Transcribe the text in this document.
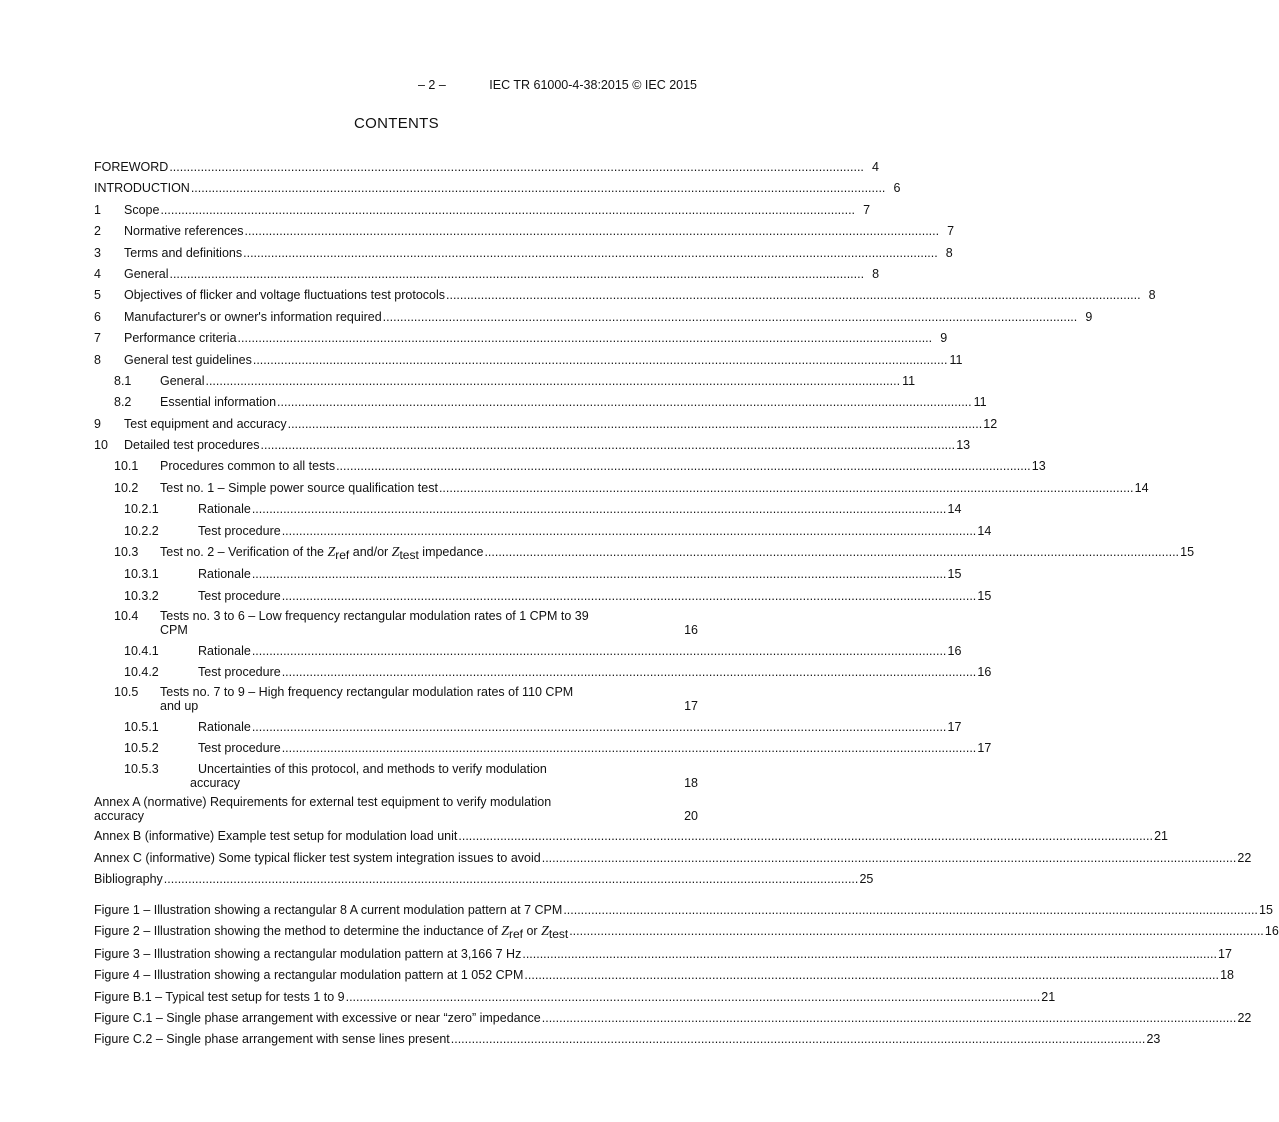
– 2 –	IEC TR 61000-4-38:2015 © IEC 2015
CONTENTS
FOREWORD .....	4
INTRODUCTION .....	6
1	Scope .....	7
2	Normative references .....	7
3	Terms and definitions .....	8
4	General .....	8
5	Objectives of flicker and voltage fluctuations test protocols .....	8
6	Manufacturer's or owner's information required .....	9
7	Performance criteria .....	9
8	General test guidelines .....	11
8.1	General .....	11
8.2	Essential information .....	11
9	Test equipment and accuracy .....	12
10	Detailed test procedures .....	13
10.1	Procedures common to all tests .....	13
10.2	Test no. 1 – Simple power source qualification test .....	14
10.2.1	Rationale .....	14
10.2.2	Test procedure .....	14
10.3	Test no. 2 – Verification of the $Z_{ref}$ and/or $Z_{test}$ impedance .....	15
10.3.1	Rationale .....	15
10.3.2	Test procedure .....	15
10.4	Tests no. 3 to 6 – Low frequency rectangular modulation rates of 1 CPM to 39
CPM	16
10.4.1	Rationale .....	16
10.4.2	Test procedure .....	16
10.5	Tests no. 7 to 9 – High frequency rectangular modulation rates of 110 CPM
and up	17
10.5.1	Rationale .....	17
10.5.2	Test procedure .....	17
10.5.3	Uncertainties of this protocol, and methods to verify modulation
accuracy	18
Annex A (normative) Requirements for external test equipment to verify modulation
accuracy	20
Annex B (informative) Example test setup for modulation load unit .....	21
Annex C (informative) Some typical flicker test system integration issues to avoid .....	22
Bibliography .....	25
Figure 1 – Illustration showing a rectangular 8 A current modulation pattern at 7 CPM .....	15
Figure 2 – Illustration showing the method to determine the inductance of $Z_{ref}$ or $Z_{test}$ .....	16
Figure 3 – Illustration showing a rectangular modulation pattern at 3,166 7 Hz .....	17
Figure 4 – Illustration showing a rectangular modulation pattern at 1 052 CPM .....	18
Figure B.1 – Typical test setup for tests 1 to 9 .....	21
Figure C.1 – Single phase arrangement with excessive or near “zero” impedance .....	22
Figure C.2 – Single phase arrangement with sense lines present .....	23
